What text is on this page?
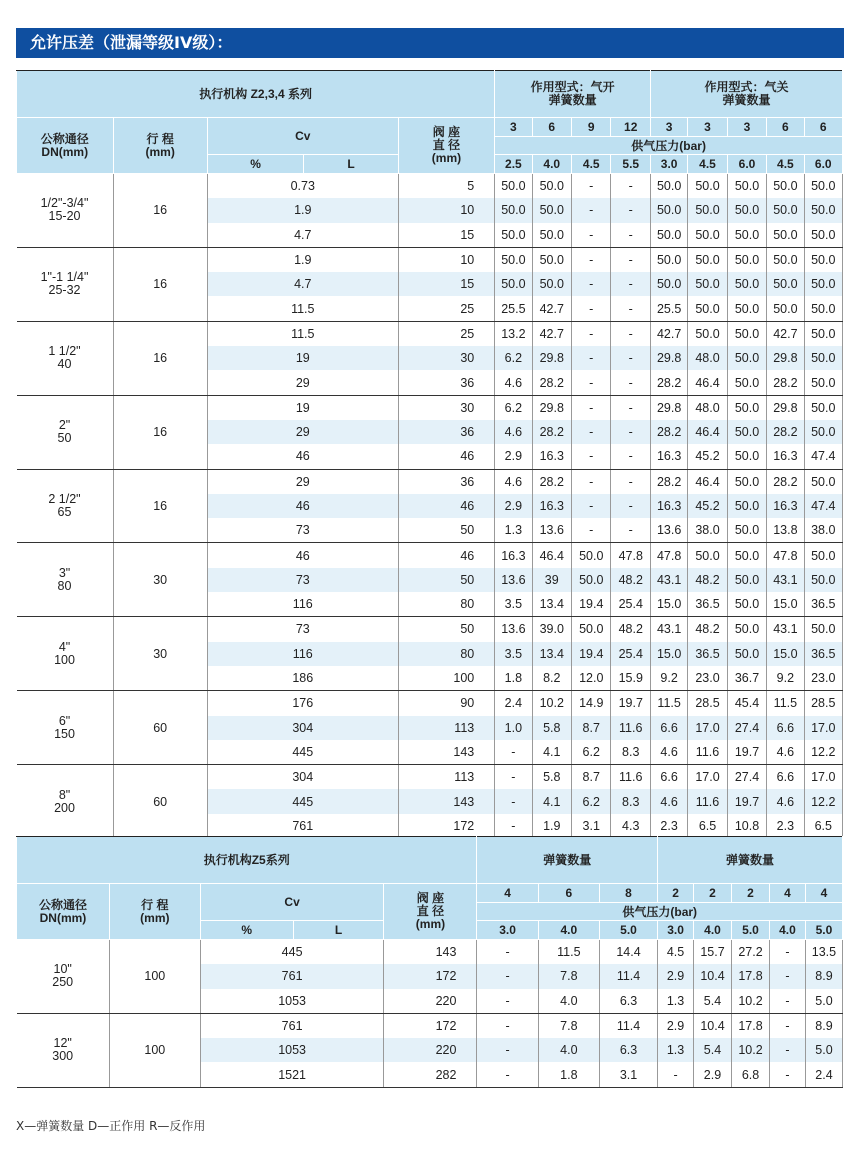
允许压差（泄漏等级IV级）：
执行机构 Z2,3,4 系列					作用型式：气开
弹簧数量				作用型式：气关
弹簧数量				
公称通径
DN(mm)	行 程
(mm)	Cv		阀 座
直 径
(mm)	3	6	9	12	3	3	3	6	6
					供气压力(bar)								
		%	L		2.5	4.0	4.5	5.5	3.0	4.5	6.0	4.5	6.0
1/2"-3/4"
15-20	16	0.73		5	50.0	50.0	-	-	50.0	50.0	50.0	50.0	50.0
		1.9		10	50.0	50.0	-	-	50.0	50.0	50.0	50.0	50.0
		4.7		15	50.0	50.0	-	-	50.0	50.0	50.0	50.0	50.0
1"-1 1/4"
25-32	16	1.9		10	50.0	50.0	-	-	50.0	50.0	50.0	50.0	50.0
		4.7		15	50.0	50.0	-	-	50.0	50.0	50.0	50.0	50.0
		11.5		25	25.5	42.7	-	-	25.5	50.0	50.0	50.0	50.0
1 1/2"
40	16	11.5		25	13.2	42.7	-	-	42.7	50.0	50.0	42.7	50.0
		19		30	6.2	29.8	-	-	29.8	48.0	50.0	29.8	50.0
		29		36	4.6	28.2	-	-	28.2	46.4	50.0	28.2	50.0
2"
50	16	19		30	6.2	29.8	-	-	29.8	48.0	50.0	29.8	50.0
		29		36	4.6	28.2	-	-	28.2	46.4	50.0	28.2	50.0
		46		46	2.9	16.3	-	-	16.3	45.2	50.0	16.3	47.4
2 1/2"
65	16	29		36	4.6	28.2	-	-	28.2	46.4	50.0	28.2	50.0
		46		46	2.9	16.3	-	-	16.3	45.2	50.0	16.3	47.4
		73		50	1.3	13.6	-	-	13.6	38.0	50.0	13.8	38.0
3"
80	30	46		46	16.3	46.4	50.0	47.8	47.8	50.0	50.0	47.8	50.0
		73		50	13.6	39	50.0	48.2	43.1	48.2	50.0	43.1	50.0
		116		80	3.5	13.4	19.4	25.4	15.0	36.5	50.0	15.0	36.5
4"
100	30	73		50	13.6	39.0	50.0	48.2	43.1	48.2	50.0	43.1	50.0
		116		80	3.5	13.4	19.4	25.4	15.0	36.5	50.0	15.0	36.5
		186		100	1.8	8.2	12.0	15.9	9.2	23.0	36.7	9.2	23.0
6"
150	60	176		90	2.4	10.2	14.9	19.7	11.5	28.5	45.4	11.5	28.5
		304		113	1.0	5.8	8.7	11.6	6.6	17.0	27.4	6.6	17.0
		445		143	-	4.1	6.2	8.3	4.6	11.6	19.7	4.6	12.2
8"
200	60	304		113	-	5.8	8.7	11.6	6.6	17.0	27.4	6.6	17.0
		445		143	-	4.1	6.2	8.3	4.6	11.6	19.7	4.6	12.2
		761		172	-	1.9	3.1	4.3	2.3	6.5	10.8	2.3	6.5
执行机构Z5系列					弹簧数量			弹簧数量				
公称通径
DN(mm)	行 程
(mm)	Cv		阀 座
直 径
(mm)	4	6	8	2	2	2	4	4
					供气压力(bar)							
		%	L		3.0	4.0	5.0	3.0	4.0	5.0	4.0	5.0
10"
250	100	445		143	-	11.5	14.4	4.5	15.7	27.2	-	13.5
		761		172	-	7.8	11.4	2.9	10.4	17.8	-	8.9
		1053		220	-	4.0	6.3	1.3	5.4	10.2	-	5.0
12"
300	100	761		172	-	7.8	11.4	2.9	10.4	17.8	-	8.9
		1053		220	-	4.0	6.3	1.3	5.4	10.2	-	5.0
		1521		282	-	1.8	3.1	-	2.9	6.8	-	2.4
X—弹簧数量 D—正作用 R—反作用
